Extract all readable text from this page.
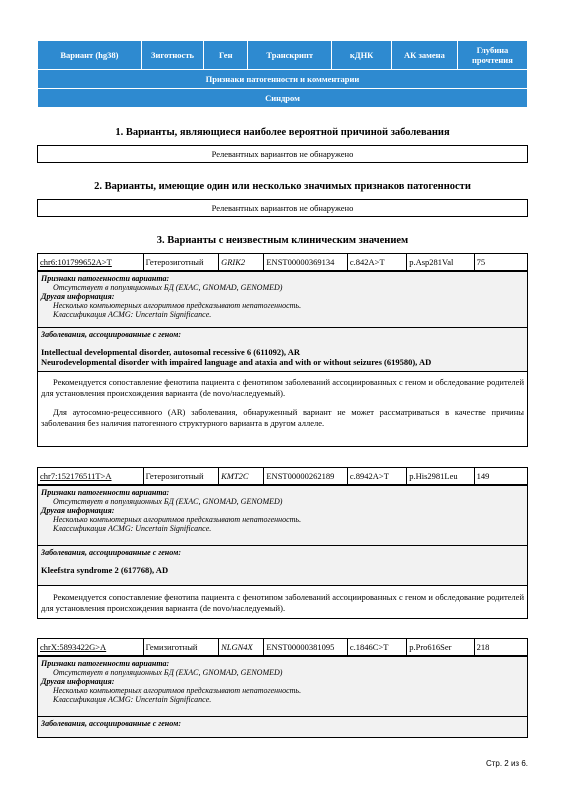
Вариант (hg38)	Зиготность	Ген	Транскрипт	кДНК	АК замена	Глубина прочтения
Признаки патогенности и комментарии
Синдром
1. Варианты, являющиеся наиболее вероятной причиной заболевания
Релевантных вариантов не обнаружено
2. Варианты, имеющие один или несколько значимых признаков патогенности
Релевантных вариантов не обнаружено
3. Варианты с неизвестным клиническим значением
chr6:101799652A>T	Гетерозиготный	GRIK2	ENST00000369134	c.842A>T	p.Asp281Val	75
Признаки патогенности варианта:
Отсутствует в популяционных БД (EXAC, GNOMAD, GENOMED)
Другая информация:
Несколько компьютерных алгоритмов предсказывают непатогенность.
Классификация ACMG: Uncertain Significance.
Заболевания, ассоциированные с геном:
Intellectual developmental disorder, autosomal recessive 6 (611092), AR
Neurodevelopmental disorder with impaired language and ataxia and with or without seizures (619580), AD
Рекомендуется сопоставление фенотипа пациента с фенотипом заболеваний ассоциированных с геном и обследование родителей для установления происхождения варианта (de novo/наследуемый).
Для аутосомно-рецессивного (AR) заболевания, обнаруженный вариант не может рассматриваться в качестве причины заболевания без наличия патогенного структурного варианта в другом аллеле.
chr7:152176511T>A	Гетерозиготный	KMT2C	ENST00000262189	c.8942A>T	p.His2981Leu	149
Признаки патогенности варианта:
Отсутствует в популяционных БД (EXAC, GNOMAD, GENOMED)
Другая информация:
Несколько компьютерных алгоритмов предсказывают непатогенность.
Классификация ACMG: Uncertain Significance.
Заболевания, ассоциированные с геном:
Kleefstra syndrome 2 (617768), AD
Рекомендуется сопоставление фенотипа пациента с фенотипом заболеваний ассоциированных с геном и обследование родителей для установления происхождения варианта (de novo/наследуемый).
chrX:5893422G>A	Гемизиготный	NLGN4X	ENST00000381095	c.1846C>T	p.Pro616Ser	218
Признаки патогенности варианта:
Отсутствует в популяционных БД (EXAC, GNOMAD, GENOMED)
Другая информация:
Несколько компьютерных алгоритмов предсказывают непатогенность.
Классификация ACMG: Uncertain Significance.
Заболевания, ассоциированные с геном:
Стр. 2 из 6.
